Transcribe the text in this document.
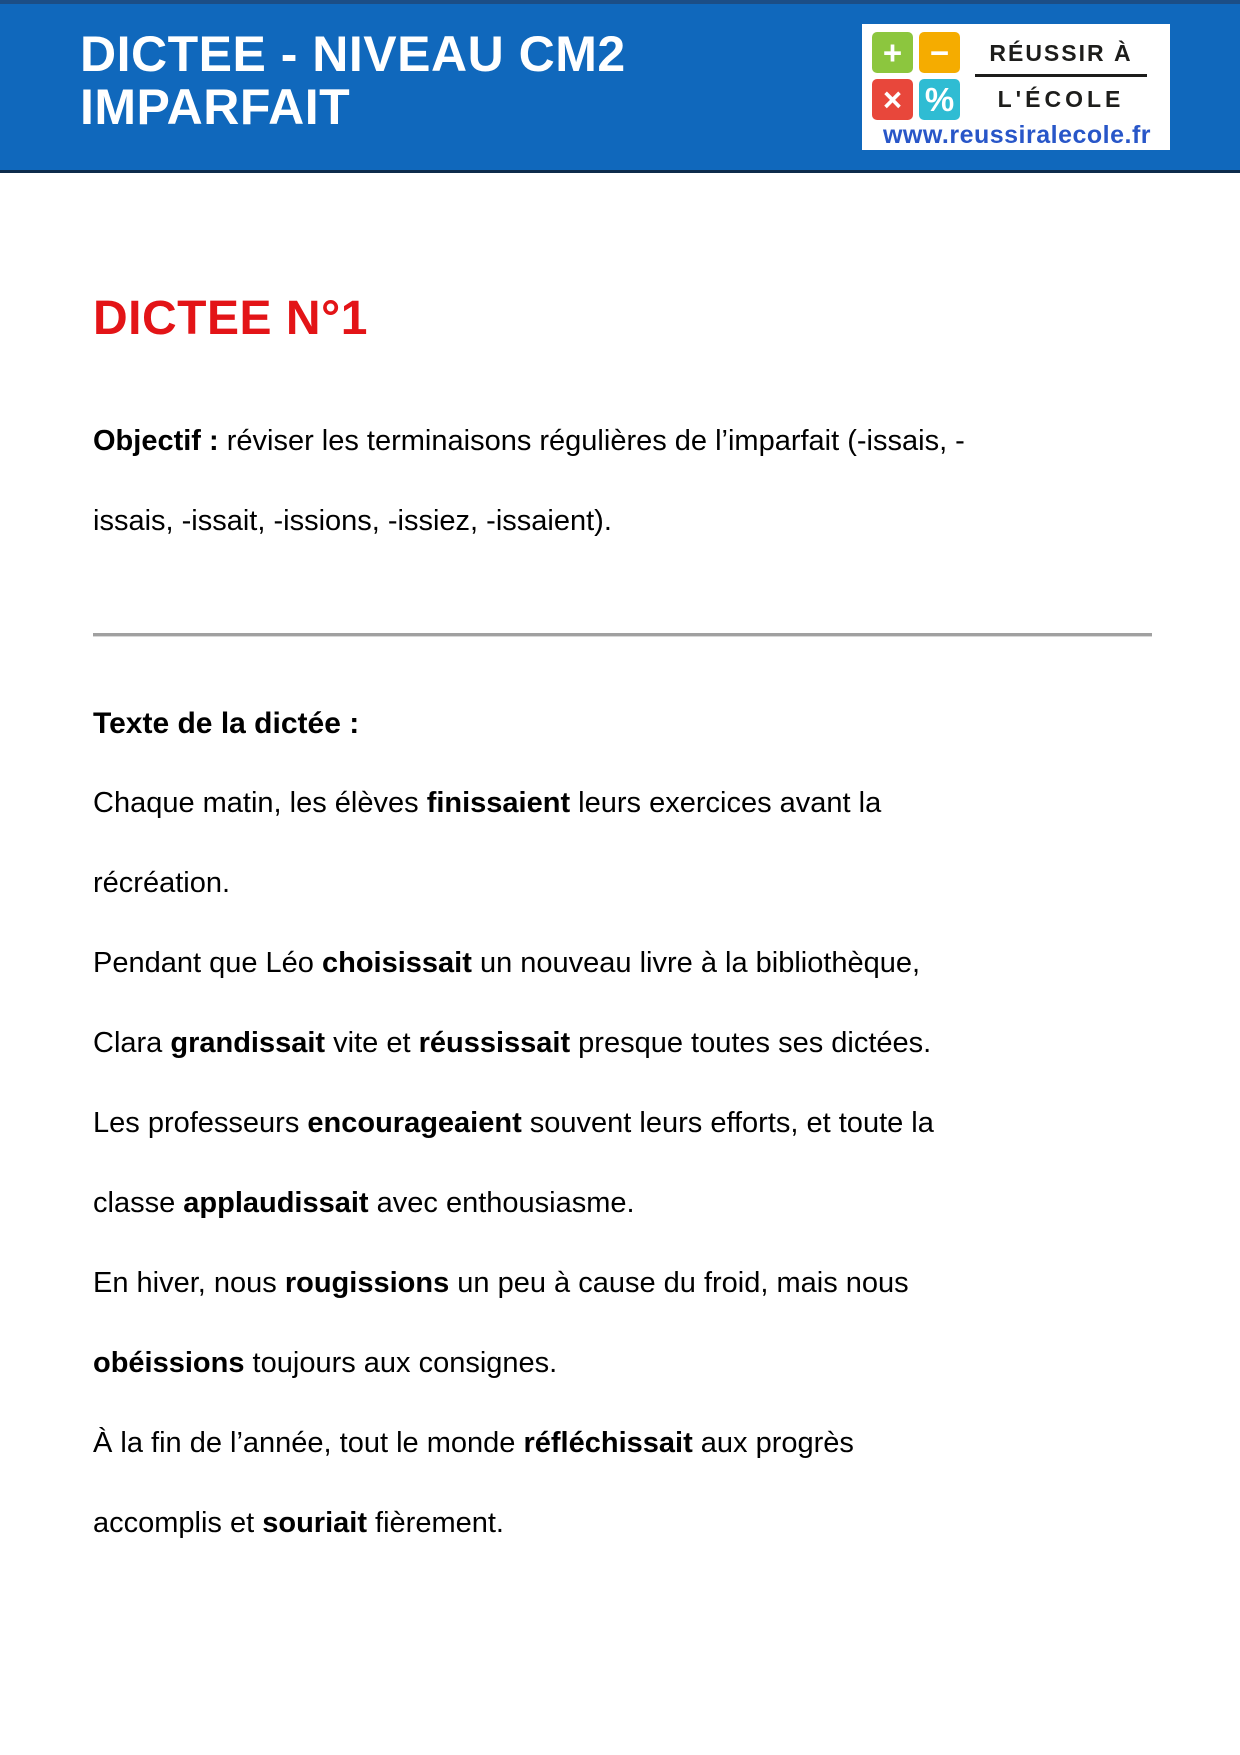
DICTEE - NIVEAU CM2
IMPARFAIT
+ −
× %
RÉUSSIR À
L'ÉCOLE
www.reussiralecole.fr
DICTEE N°1
Objectif : réviser les terminaisons régulières de l’imparfait (-issais, -
issais, -issait, -issions, -issiez, -issaient).
Texte de la dictée :
Chaque matin, les élèves finissaient leurs exercices avant la
récréation.
Pendant que Léo choisissait un nouveau livre à la bibliothèque,
Clara grandissait vite et réussissait presque toutes ses dictées.
Les professeurs encourageaient souvent leurs efforts, et toute la
classe applaudissait avec enthousiasme.
En hiver, nous rougissions un peu à cause du froid, mais nous
obéissions toujours aux consignes.
À la fin de l’année, tout le monde réfléchissait aux progrès
accomplis et souriait fièrement.
